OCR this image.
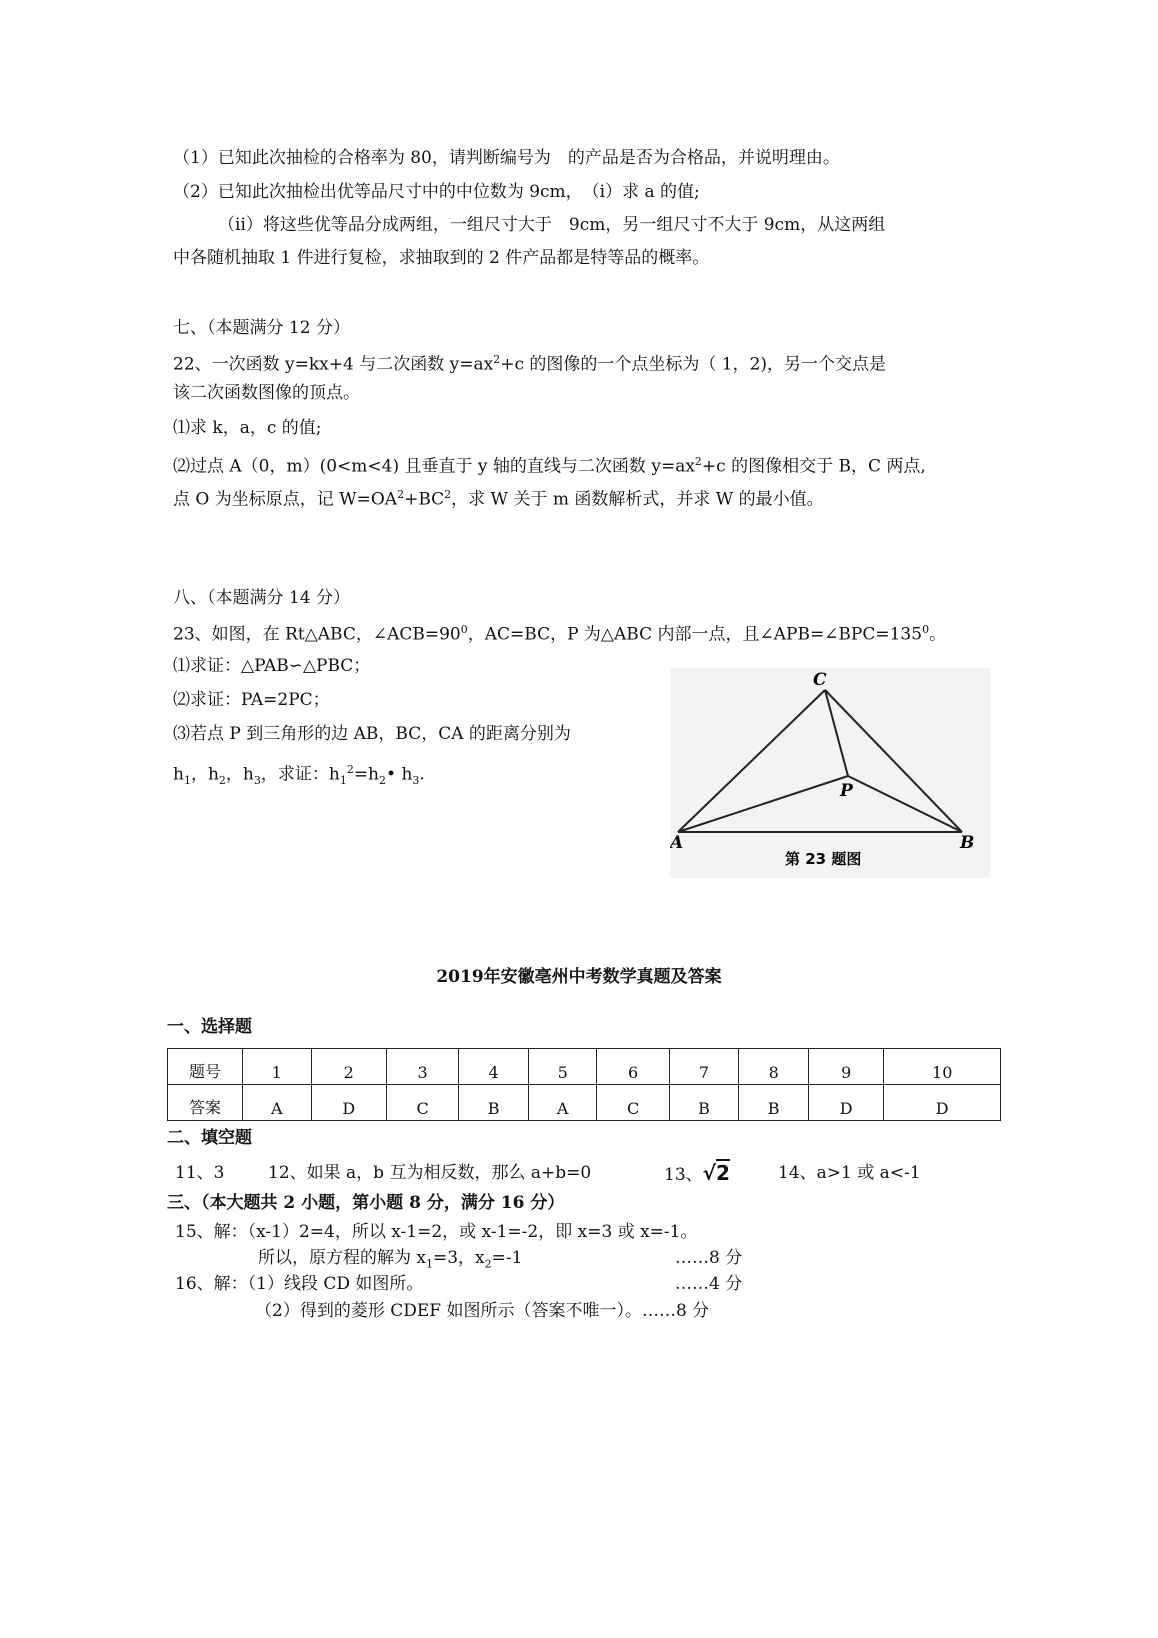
（1）已知此次抽检的合格率为 80，请判断编号为　的产品是否为合格品，并说明理由。
（2）已知此次抽检出优等品尺寸中的中位数为 9cm，　（ⅰ）求 a 的值;
（ⅱ）将这些优等品分成两组，一组尺寸大于　9cm，另一组尺寸不大于 9cm，从这两组
中各随机抽取 1 件进行复检，求抽取到的 2 件产品都是特等品的概率。
七、（本题满分 12 分）
22、一次函数 y=kx+4 与二次函数 $y=ax^2+c$ 的图像的一个点坐标为（ 1，2)，另一个交点是
该二次函数图像的顶点。
⑴求 k，a，c 的值;
⑵过点 A（0，m）(0<m<4) 且垂直于 y 轴的直线与二次函数 $y=ax^2+c$ 的图像相交于 B，C 两点,
点 O 为坐标原点，记 $W=OA^2+BC^2$，求 W 关于 m 函数解析式，并求 W 的最小值。
八、（本题满分 14 分）
23、如图，在 Rt△ABC，$\angle ACB=90^0$，AC=BC，P 为△ABC 内部一点，且$\angle APB=\angle BPC=135^0$。
⑴求证：△PAB∽△PBC；
⑵求证：PA=2PC；
⑶若点 P 到三角形的边 AB，BC，CA 的距离分别为
$h_1$，$h_2$，$h_3$，求证：$h_1^2=h_2•$ $h_3$.
C
P
A	B
第 23 题图
2019年安徽亳州中考数学真题及答案
一、选择题
题号	1	2	3	4	5	6	7	8	9	10
答案	A	D	C	B	A	C	B	B	D	D
二、填空题
11、3	12、如果 a，b 互为相反数，那么 a+b=0	13、√2	14、a>1 或 a<-1
三、（本大题共 2 小题，第小题 8 分，满分 16 分）
15、解：（x-1）2=4，所以 x-1=2，或 x-1=-2，即 x=3 或 x=-1。
所以，原方程的解为 $x_1=3$，$x_2=-1$	……8 分
16、解：（1）线段 CD 如图所。	……4 分
（2）得到的菱形 CDEF 如图所示（答案不唯一）。……8 分
